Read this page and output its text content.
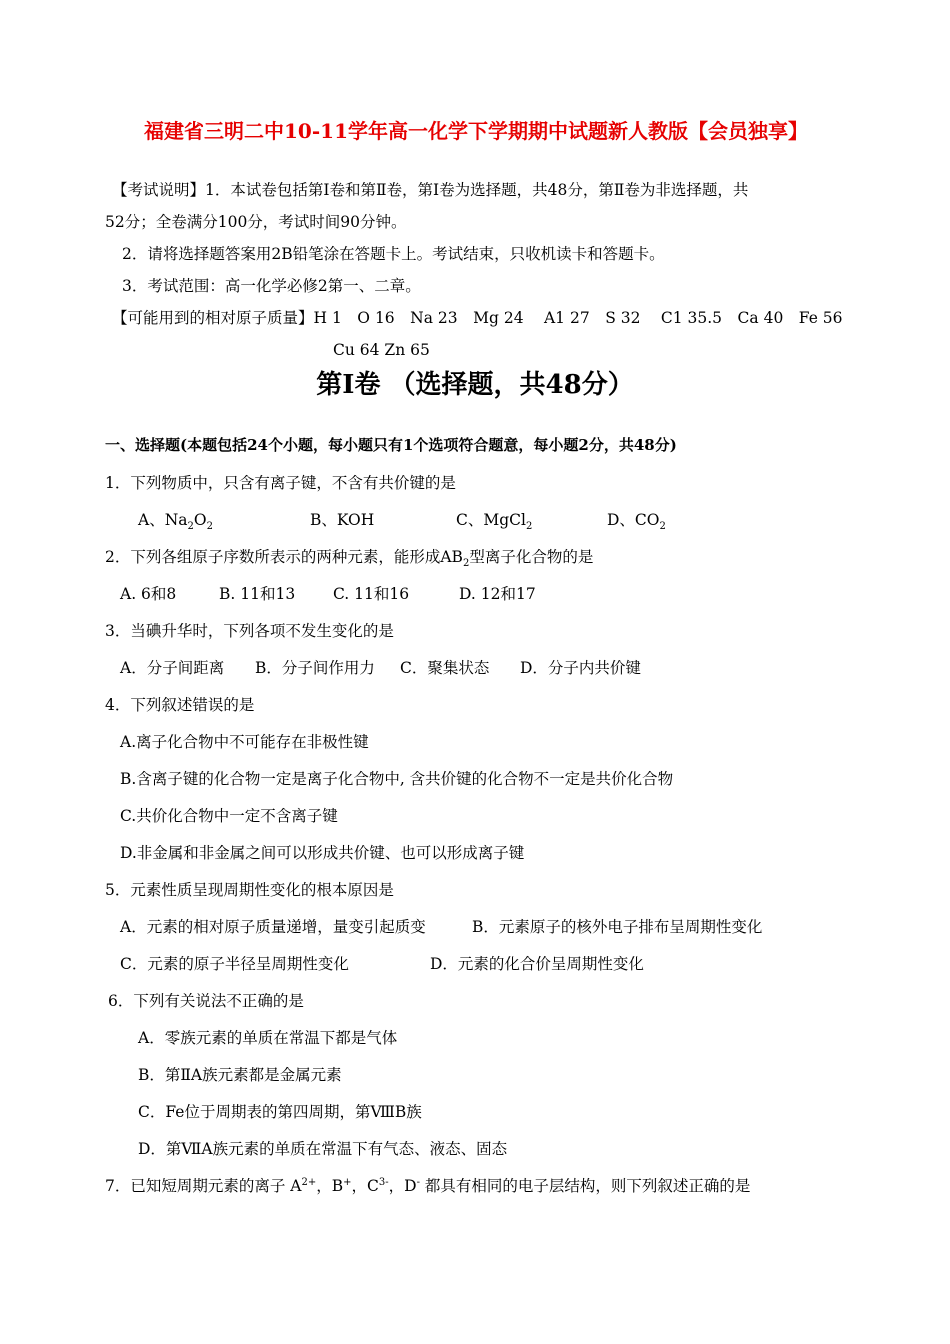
福建省三明二中10-11学年高一化学下学期期中试题新人教版【会员独享】
【考试说明】1．本试卷包括第Ⅰ卷和第Ⅱ卷，第Ⅰ卷为选择题，共48分，第Ⅱ卷为非选择题，共
52分；全卷满分100分，考试时间90分钟。
2．请将选择题答案用2B铅笔涂在答题卡上。考试结束，只收机读卡和答题卡。
3．考试范围：高一化学必修2第一、二章。
【可能用到的相对原子质量】H 1　O 16　Na 23　Mg 24　 A1 27　S 32　 C1 35.5　Ca 40　Fe 56
Cu 64 Zn 65
第Ⅰ卷 （选择题，共48分）
一、选择题(本题包括24个小题，每小题只有1个选项符合题意，每小题2分，共48分)
1．下列物质中，只含有离子键，不含有共价键的是
A、$Na_2O_2$	B、KOH	C、MgCl$_2$	D、$CO_2$
2．下列各组原子序数所表示的两种元素，能形成$AB_2$型离子化合物的是
A. 6和8	B. 11和13 C. 11和16	D. 12和17
3．当碘升华时，下列各项不发生变化的是
A．分子间距离 B．分子间作用力 C．聚集状态 D．分子内共价键
4．下列叙述错误的是
A.离子化合物中不可能存在非极性键
B.含离子键的化合物一定是离子化合物中, 含共价键的化合物不一定是共价化合物
C.共价化合物中一定不含离子键
D.非金属和非金属之间可以形成共价键、也可以形成离子键
5．元素性质呈现周期性变化的根本原因是
A．元素的相对原子质量递增，量变引起质变	B．元素原子的核外电子排布呈周期性变化
C．元素的原子半径呈周期性变化	D．元素的化合价呈周期性变化
6．下列有关说法不正确的是
A．零族元素的单质在常温下都是气体
B．第ⅡA族元素都是金属元素
C．Fe位于周期表的第四周期，第ⅧB族
D．第ⅦA族元素的单质在常温下有气态、液态、固态
7．已知短周期元素的离子 $A^{2+}$，B+，$C^{3-}$，D- 都具有相同的电子层结构，则下列叙述正确的是
